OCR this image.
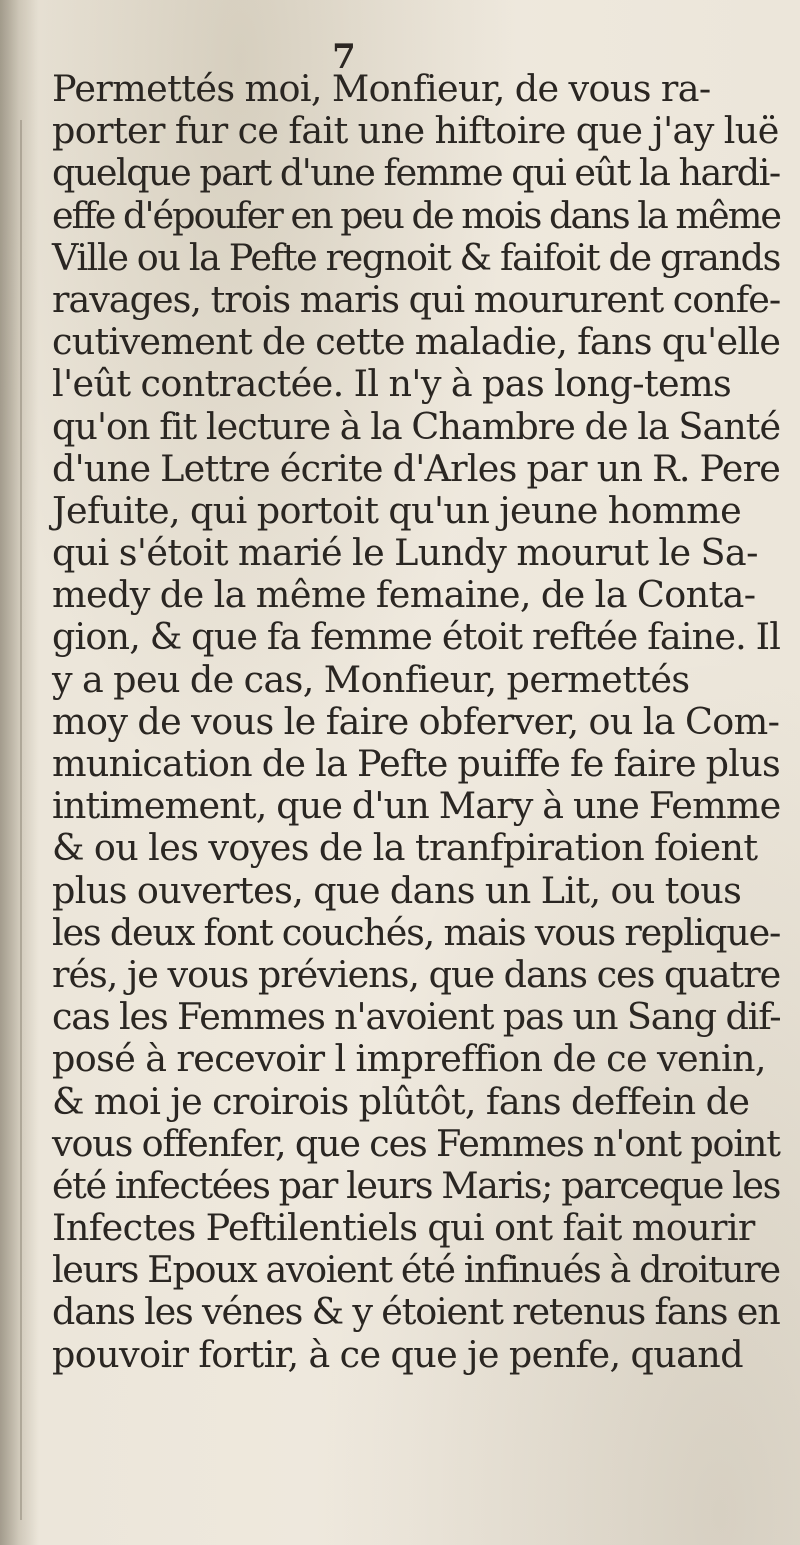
7
Permettés moi, Monfieur, de vous ra-
porter fur ce fait une hiftoire que j'ay luë
quelque part d'une femme qui eût la hardi-
effe d'époufer en peu de mois dans la même
Ville ou la Pefte regnoit & faifoit de grands
ravages, trois maris qui moururent confe-
cutivement de cette maladie, fans qu'elle
l'eût contractée. Il n'y à pas long-tems
qu'on fit lecture à la Chambre de la Santé
d'une Lettre écrite d'Arles par un R. Pere
Jefuite, qui portoit qu'un jeune homme
qui s'étoit marié le Lundy mourut le Sa-
medy de la même femaine, de la Conta-
gion, & que fa femme étoit reftée faine. Il
y a peu de cas, Monfieur, permettés
moy de vous le faire obferver, ou la Com-
munication de la Pefte puiffe fe faire plus
intimement, que d'un Mary à une Femme
& ou les voyes de la tranfpiration foient
plus ouvertes, que dans un Lit, ou tous
les deux font couchés, mais vous replique-
rés, je vous préviens, que dans ces quatre
cas les Femmes n'avoient pas un Sang dif-
posé à recevoir l impreffion de ce venin,
& moi je croirois plûtôt, fans deffein de
vous offenfer, que ces Femmes n'ont point
été infectées par leurs Maris; parceque les
Infectes Peftilentiels qui ont fait mourir
leurs Epoux avoient été infinués à droiture
dans les vénes & y étoient retenus fans en
pouvoir fortir, à ce que je penfe, quand
